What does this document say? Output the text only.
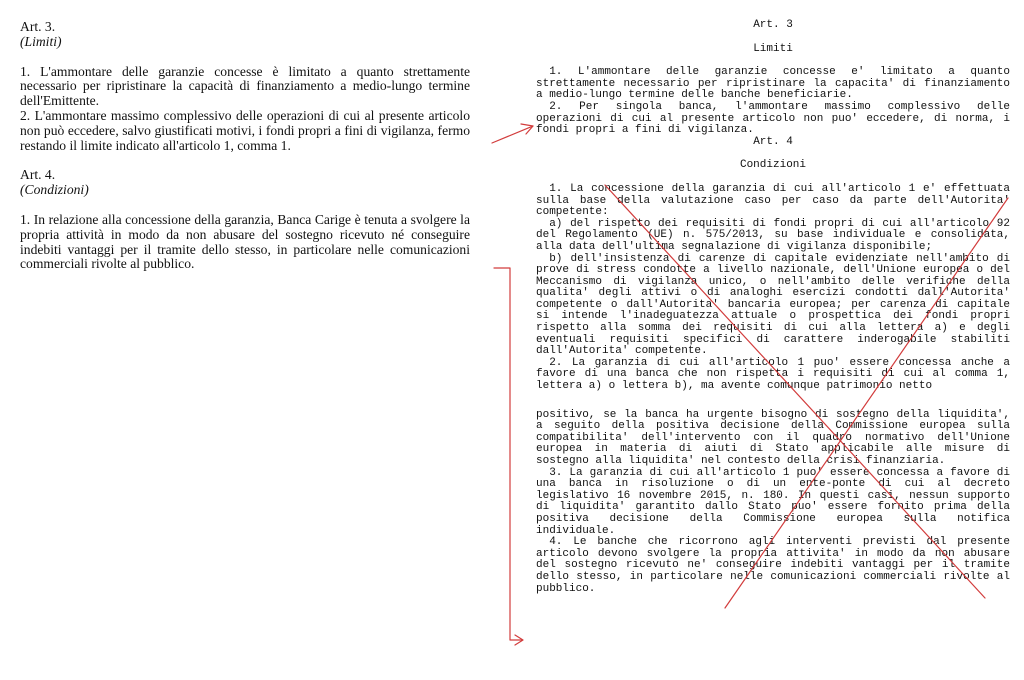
Art. 3.

(Limiti)

1. L'ammontare delle garanzie concesse è limitato a quanto strettamente necessario per ripristinare la capacità di finanziamento a medio-lungo termine dell'Emittente.

2. L'ammontare massimo complessivo delle operazioni di cui al presente articolo non può eccedere, salvo giustificati motivi, i fondi propri a fini di vigilanza, fermo restando il limite indicato all'articolo 1, comma 1.

Art. 4.

(Condizioni)

1. In relazione alla concessione della garanzia, Banca Carige è tenuta a svolgere la propria attività in modo da non abusare del sostegno ricevuto né conseguire indebiti vantaggi per il tramite dello stesso, in particolare nelle comunicazioni commerciali rivolte al pubblico.

Art. 3

Limiti

1. L'ammontare delle garanzie concesse e' limitato a quanto strettamente necessario per ripristinare la capacita' di finanziamento a medio-lungo termine delle banche beneficiarie.

2. Per singola banca, l'ammontare massimo complessivo delle operazioni di cui al presente articolo non puo' eccedere, di norma, i fondi propri a fini di vigilanza.

Art. 4

Condizioni

1. La concessione della garanzia di cui all'articolo 1 e' effettuata sulla base della valutazione caso per caso da parte dell'Autorita' competente:

a) del rispetto dei requisiti di fondi propri di cui all'articolo 92 del Regolamento (UE) n. 575/2013, su base individuale e consolidata, alla data dell'ultima segnalazione di vigilanza disponibile;

b) dell'insistenza di carenze di capitale evidenziate nell'ambito di prove di stress condotte a livello nazionale, dell'Unione europea o del Meccanismo di vigilanza unico, o nell'ambito delle verifiche della qualita' degli attivi o di analoghi esercizi condotti dall'Autorita' competente o dall'Autorita' bancaria europea; per carenza di capitale si intende l'inadeguatezza attuale o prospettica dei fondi propri rispetto alla somma dei requisiti di cui alla lettera a) e degli eventuali requisiti specifici di carattere inderogabile stabiliti dall'Autorita' competente.

2. La garanzia di cui all'articolo 1 puo' essere concessa anche a favore di una banca che non rispetta i requisiti di cui al comma 1, lettera a) o lettera b), ma avente comunque patrimonio netto

positivo, se la banca ha urgente bisogno di sostegno della liquidita', a seguito della positiva decisione della Commissione europea sulla compatibilita' dell'intervento con il quadro normativo dell'Unione europea in materia di aiuti di Stato applicabile alle misure di sostegno alla liquidita' nel contesto della crisi finanziaria.

3. La garanzia di cui all'articolo 1 puo' essere concessa a favore di una banca in risoluzione o di un ente-ponte di cui al decreto legislativo 16 novembre 2015, n. 180. In questi casi, nessun supporto di liquidita' garantito dallo Stato puo' essere fornito prima della positiva decisione della Commissione europea sulla notifica individuale.

4. Le banche che ricorrono agli interventi previsti dal presente articolo devono svolgere la propria attivita' in modo da non abusare del sostegno ricevuto ne' conseguire indebiti vantaggi per il tramite dello stesso, in particolare nelle comunicazioni commerciali rivolte al pubblico.
